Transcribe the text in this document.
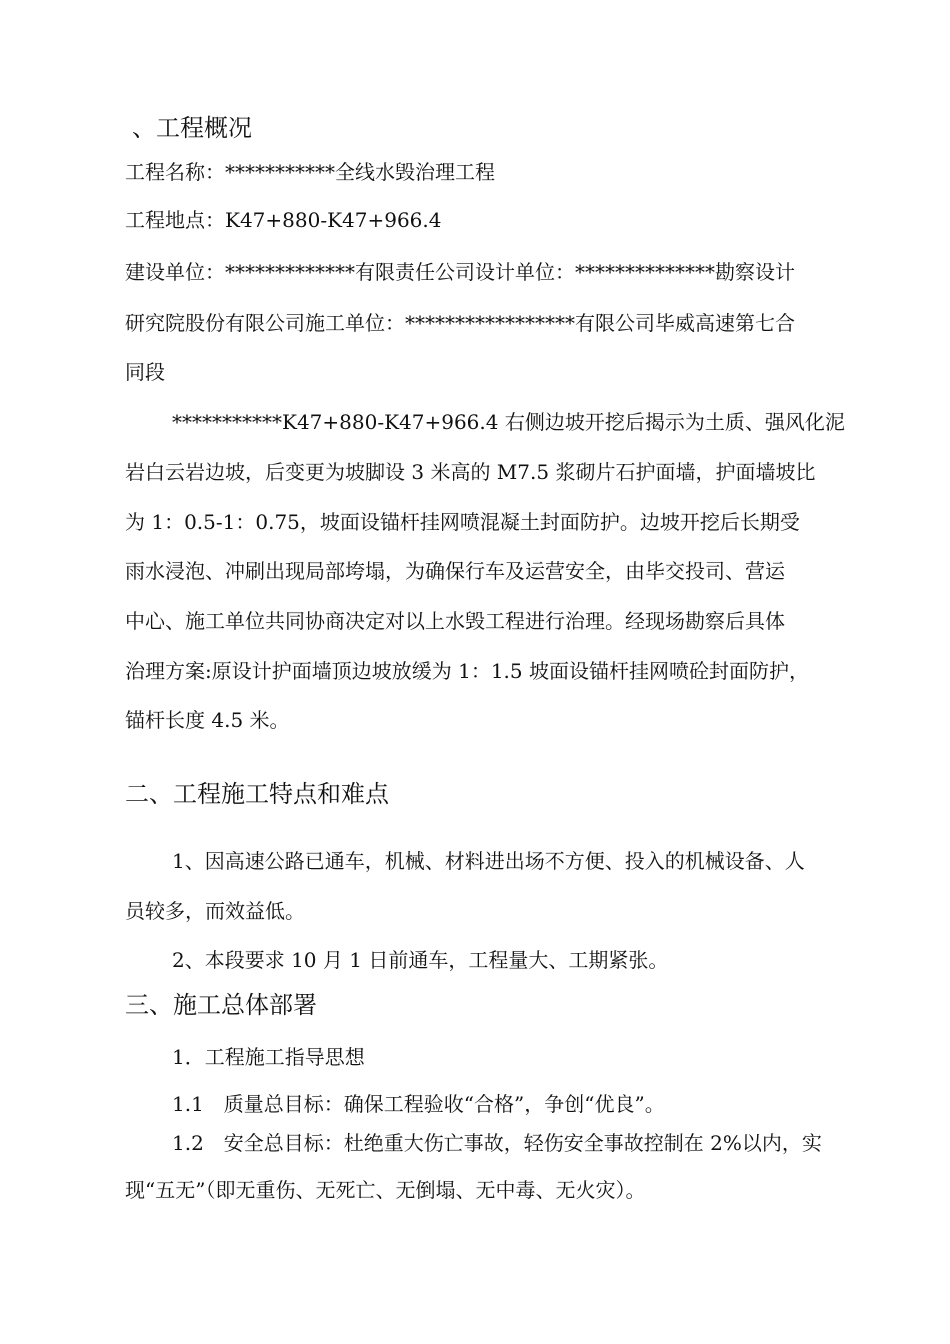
、工程概况
工程名称：***********全线水毁治理工程
工程地点：K47+880-K47+966.4
建设单位：*************有限责任公司设计单位：**************勘察设计
研究院股份有限公司施工单位：*****************有限公司毕威高速第七合
同段
***********K47+880-K47+966.4 右侧边坡开挖后揭示为土质、强风化泥
岩白云岩边坡，后变更为坡脚设 3 米高的 M7.5 浆砌片石护面墙，护面墙坡比
为 1：0.5-1：0.75，坡面设锚杆挂网喷混凝土封面防护。边坡开挖后长期受
雨水浸泡、冲刷出现局部垮塌，为确保行车及运营安全，由毕交投司、营运
中心、施工单位共同协商决定对以上水毁工程进行治理。经现场勘察后具体
治理方案:原设计护面墙顶边坡放缓为 1：1.5 坡面设锚杆挂网喷砼封面防护，
锚杆长度 4.5 米。
二、工程施工特点和难点
1、因高速公路已通车，机械、材料进出场不方便、投入的机械设备、人
员较多，而效益低。
2、本段要求 10 月 1 日前通车，工程量大、工期紧张。
三、施工总体部署
1．工程施工指导思想
1.1　质量总目标：确保工程验收“合格”，争创“优良”。
1.2　安全总目标：杜绝重大伤亡事故，轻伤安全事故控制在 2%以内，实
现“五无”（即无重伤、无死亡、无倒塌、无中毒、无火灾）。
